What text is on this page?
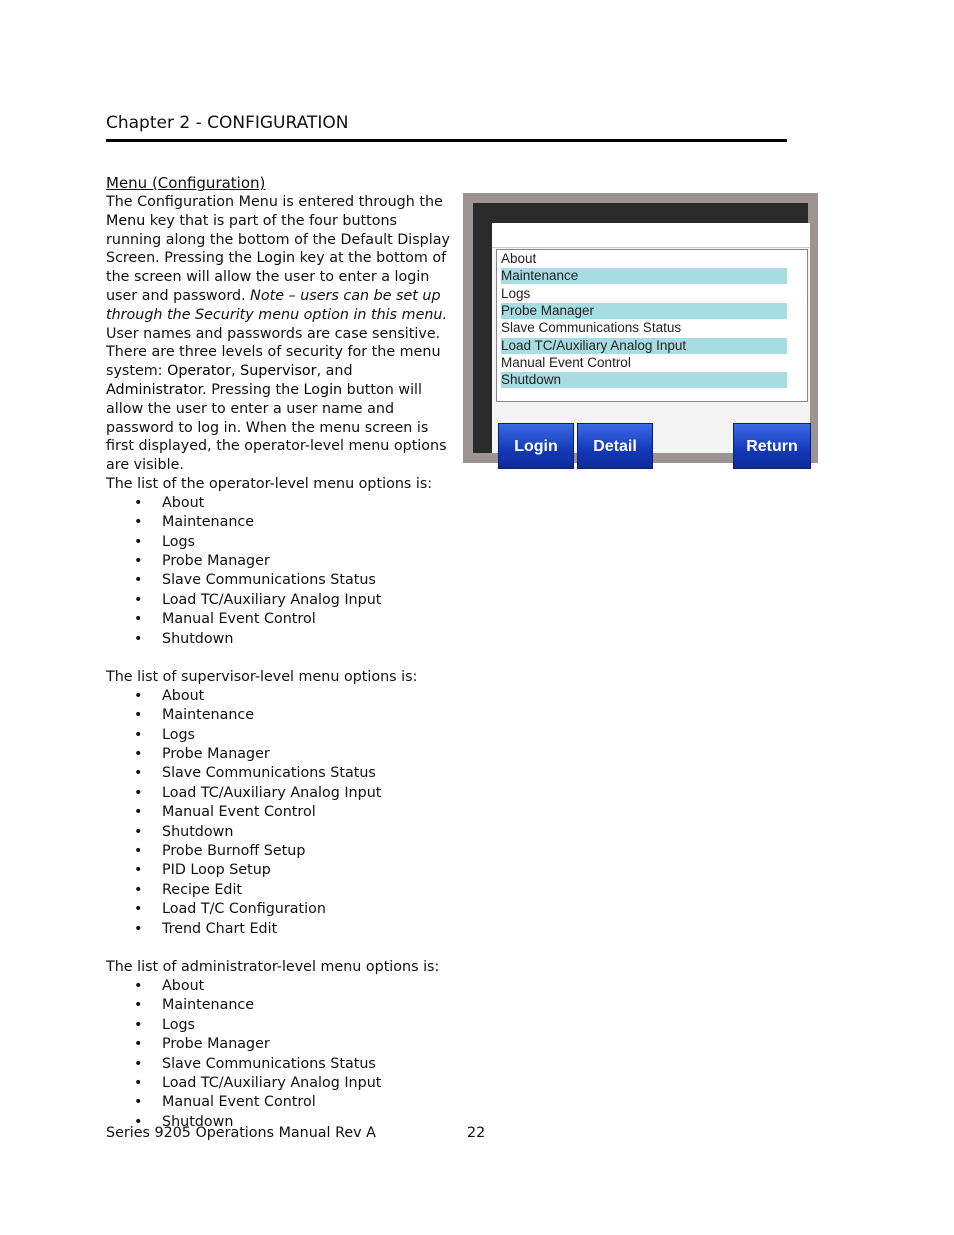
Chapter 2 - CONFIGURATION
Menu (Configuration)

The Configuration Menu is entered through the Menu key that is part of the four buttons running along the bottom of the Default Display Screen. Pressing the Login key at the bottom of the screen will allow the user to enter a login user and password. Note – users can be set up through the Security menu option in this menu. User names and passwords are case sensitive. There are three levels of security for the menu system: Operator, Supervisor, and Administrator. Pressing the Login button will allow the user to enter a user name and password to log in. When the menu screen is first displayed, the operator-level menu options are visible.

The list of the operator-level menu options is:

• About
• Maintenance
• Logs
• Probe Manager
• Slave Communications Status
• Load TC/Auxiliary Analog Input
• Manual Event Control
• Shutdown

The list of supervisor-level menu options is:

• About
• Maintenance
• Logs
• Probe Manager
• Slave Communications Status
• Load TC/Auxiliary Analog Input
• Manual Event Control
• Shutdown
• Probe Burnoff Setup
• PID Loop Setup
• Recipe Edit
• Load T/C Configuration
• Trend Chart Edit

The list of administrator-level menu options is:

• About
• Maintenance
• Logs
• Probe Manager
• Slave Communications Status
• Load TC/Auxiliary Analog Input
• Manual Event Control
• Shutdown
About
Maintenance
Logs
Probe Manager
Slave Communications Status
Load TC/Auxiliary Analog Input
Manual Event Control
Shutdown
Login	Detail	Return
Series 9205 Operations Manual Rev A	22
